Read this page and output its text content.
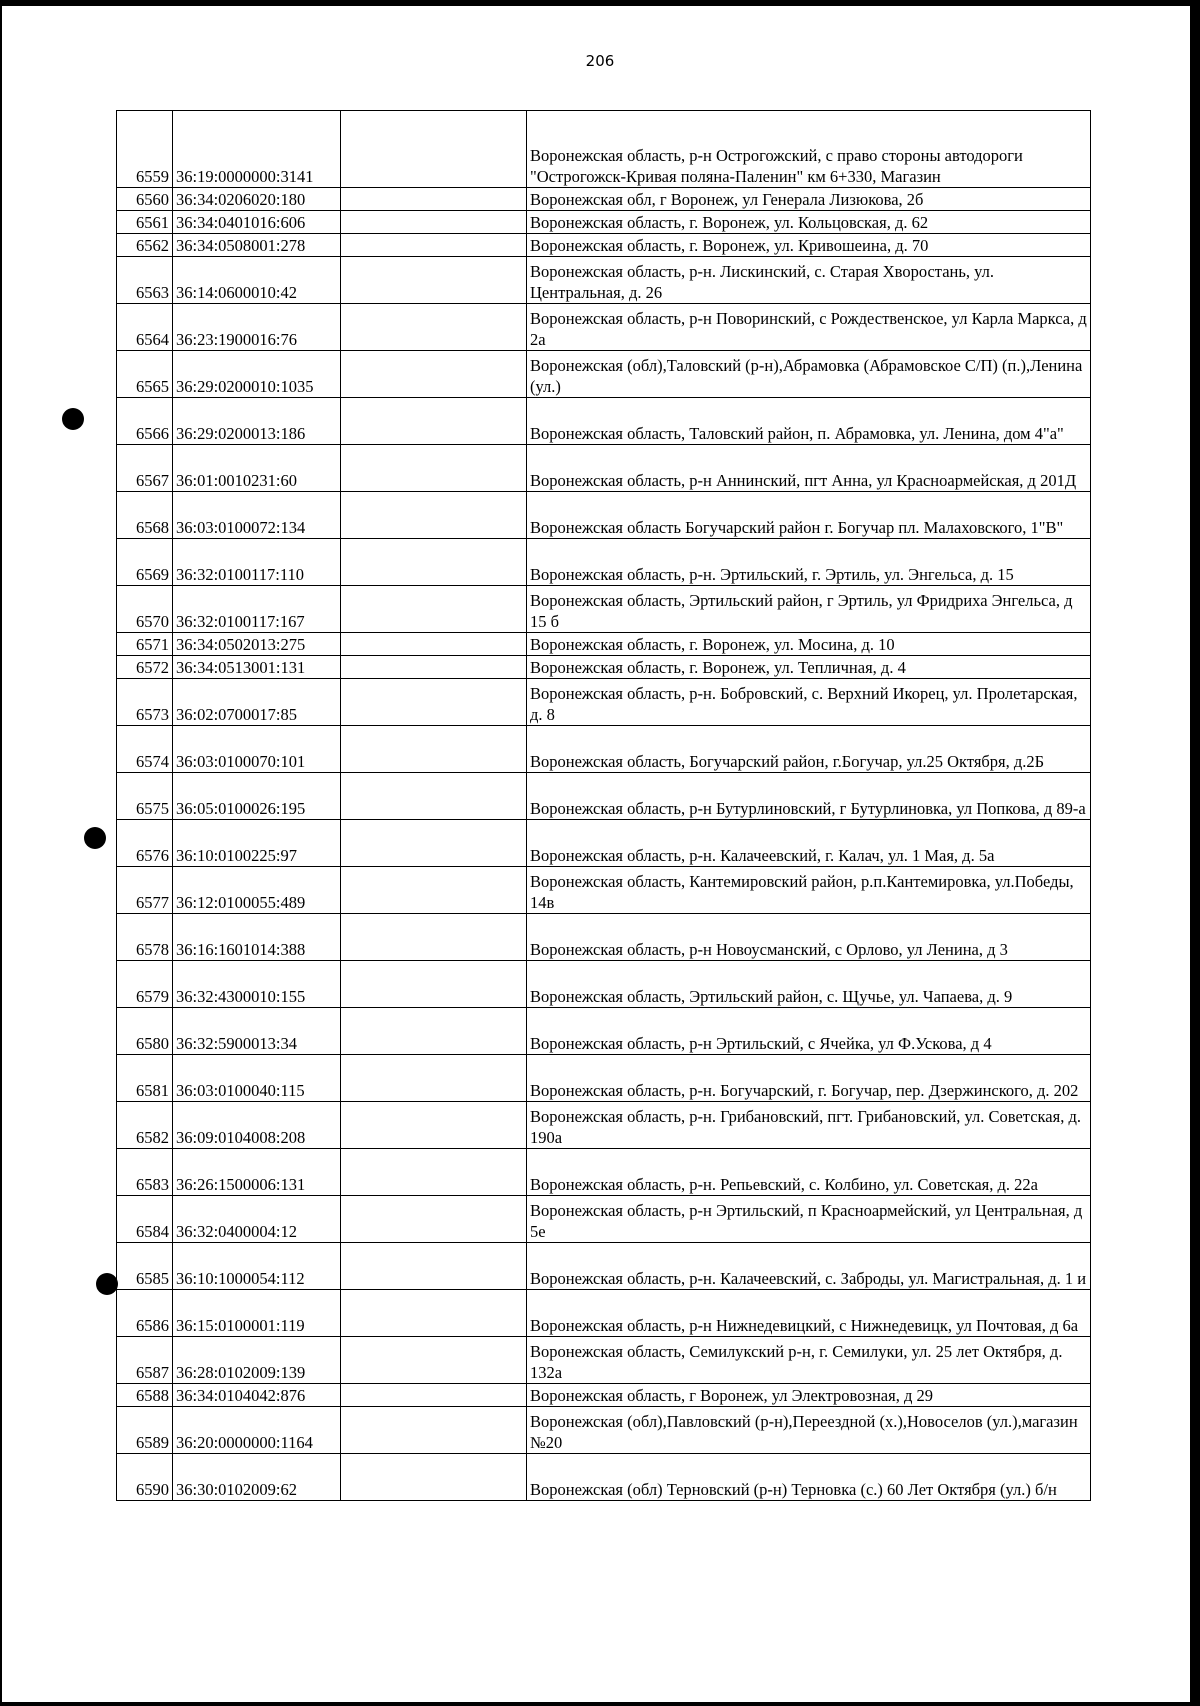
206
6559	36:19:0000000:3141		Воронежская область, р-н Острогожский, с право стороны автодороги "Острогожск-Кривая поляна-Паленин" км 6+330, Магазин
6560	36:34:0206020:180		Воронежская обл, г Воронеж, ул Генерала Лизюкова, 2б
6561	36:34:0401016:606		Воронежская область, г. Воронеж, ул. Кольцовская, д. 62
6562	36:34:0508001:278		Воронежская область, г. Воронеж, ул. Кривошеина, д. 70
6563	36:14:0600010:42		Воронежская область, р-н. Лискинский, с. Старая Хворостань, ул. Центральная, д. 26
6564	36:23:1900016:76		Воронежская область, р-н Поворинский, с Рождественское, ул Карла Маркса, д 2а
6565	36:29:0200010:1035		Воронежская (обл),Таловский (р-н),Абрамовка (Абрамовское С/П) (п.),Ленина (ул.)
6566	36:29:0200013:186		Воронежская область, Таловский район, п. Абрамовка, ул. Ленина, дом 4"а"
6567	36:01:0010231:60		Воронежская область, р-н Аннинский, пгт Анна, ул Красноармейская, д 201Д
6568	36:03:0100072:134		Воронежская область Богучарский район г. Богучар пл. Малаховского, 1"В"
6569	36:32:0100117:110		Воронежская область, р-н. Эртильский, г. Эртиль, ул. Энгельса, д. 15
6570	36:32:0100117:167		Воронежская область, Эртильский район, г Эртиль, ул Фридриха Энгельса, д 15 б
6571	36:34:0502013:275		Воронежская область, г. Воронеж, ул. Мосина, д. 10
6572	36:34:0513001:131		Воронежская область, г. Воронеж, ул. Тепличная, д. 4
6573	36:02:0700017:85		Воронежская область, р-н. Бобровский, с. Верхний Икорец, ул. Пролетарская, д. 8
6574	36:03:0100070:101		Воронежская область, Богучарский район, г.Богучар, ул.25 Октября, д.2Б
6575	36:05:0100026:195		Воронежская область, р-н Бутурлиновский, г Бутурлиновка, ул Попкова, д 89-а
6576	36:10:0100225:97		Воронежская область, р-н. Калачеевский, г. Калач, ул. 1 Мая, д. 5а
6577	36:12:0100055:489		Воронежская область, Кантемировский район, р.п.Кантемировка, ул.Победы, 14в
6578	36:16:1601014:388		Воронежская область, р-н Новоусманский, с Орлово, ул Ленина, д 3
6579	36:32:4300010:155		Воронежская область, Эртильский район, с. Щучье, ул. Чапаева, д. 9
6580	36:32:5900013:34		Воронежская область, р-н Эртильский, с Ячейка, ул Ф.Ускова, д 4
6581	36:03:0100040:115		Воронежская область, р-н. Богучарский, г. Богучар, пер. Дзержинского, д. 202
6582	36:09:0104008:208		Воронежская область, р-н. Грибановский, пгт. Грибановский, ул. Советская, д. 190а
6583	36:26:1500006:131		Воронежская область, р-н. Репьевский, с. Колбино, ул. Советская, д. 22а
6584	36:32:0400004:12		Воронежская область, р-н Эртильский, п Красноармейский, ул Центральная, д 5е
6585	36:10:1000054:112		Воронежская область, р-н. Калачеевский, с. Заброды, ул. Магистральная, д. 1 и
6586	36:15:0100001:119		Воронежская область, р-н Нижнедевицкий, с Нижнедевицк, ул Почтовая, д 6а
6587	36:28:0102009:139		Воронежская область, Семилукский р-н, г. Семилуки, ул. 25 лет Октября, д. 132а
6588	36:34:0104042:876		Воронежская область, г Воронеж, ул Электровозная, д 29
6589	36:20:0000000:1164		Воронежская (обл),Павловский (р-н),Переездной (х.),Новоселов (ул.),магазин №20
6590	36:30:0102009:62		Воронежская (обл) Терновский (р-н) Терновка (с.) 60 Лет Октября (ул.) б/н
